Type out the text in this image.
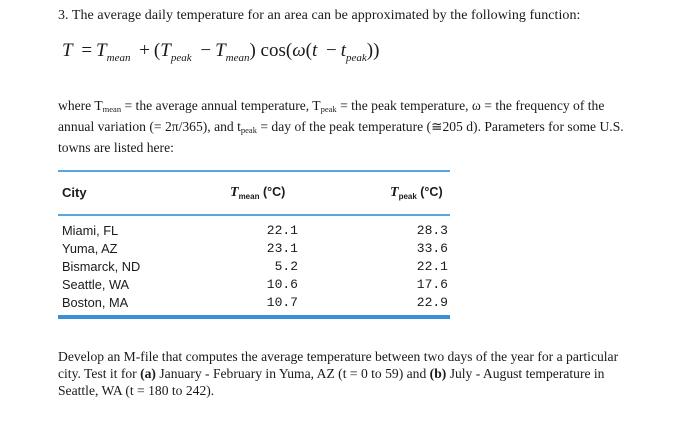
3. The average daily temperature for an area can be approximated by the following function:
$T = T_{mean} + (T_{peak} - T_{mean}) \cos(\omega(t - t_{peak}))$
where Tmean = the average annual temperature, Tpeak = the peak temperature, ω = the frequency of the annual variation (= 2π/365), and tpeak = day of the peak temperature (≅205 d). Parameters for some U.S. towns are listed here:
City	$T_{mean}$ (°C)	$T_{peak}$ (°C)
Miami, FL	22.1	28.3
Yuma, AZ	23.1	33.6
Bismarck, ND	5.2	22.1
Seattle, WA	10.6	17.6
Boston, MA	10.7	22.9
Develop an M-file that computes the average temperature between two days of the year for a particular city. Test it for (a) January - February in Yuma, AZ (t = 0 to 59) and (b) July - August temperature in Seattle, WA (t = 180 to 242).
